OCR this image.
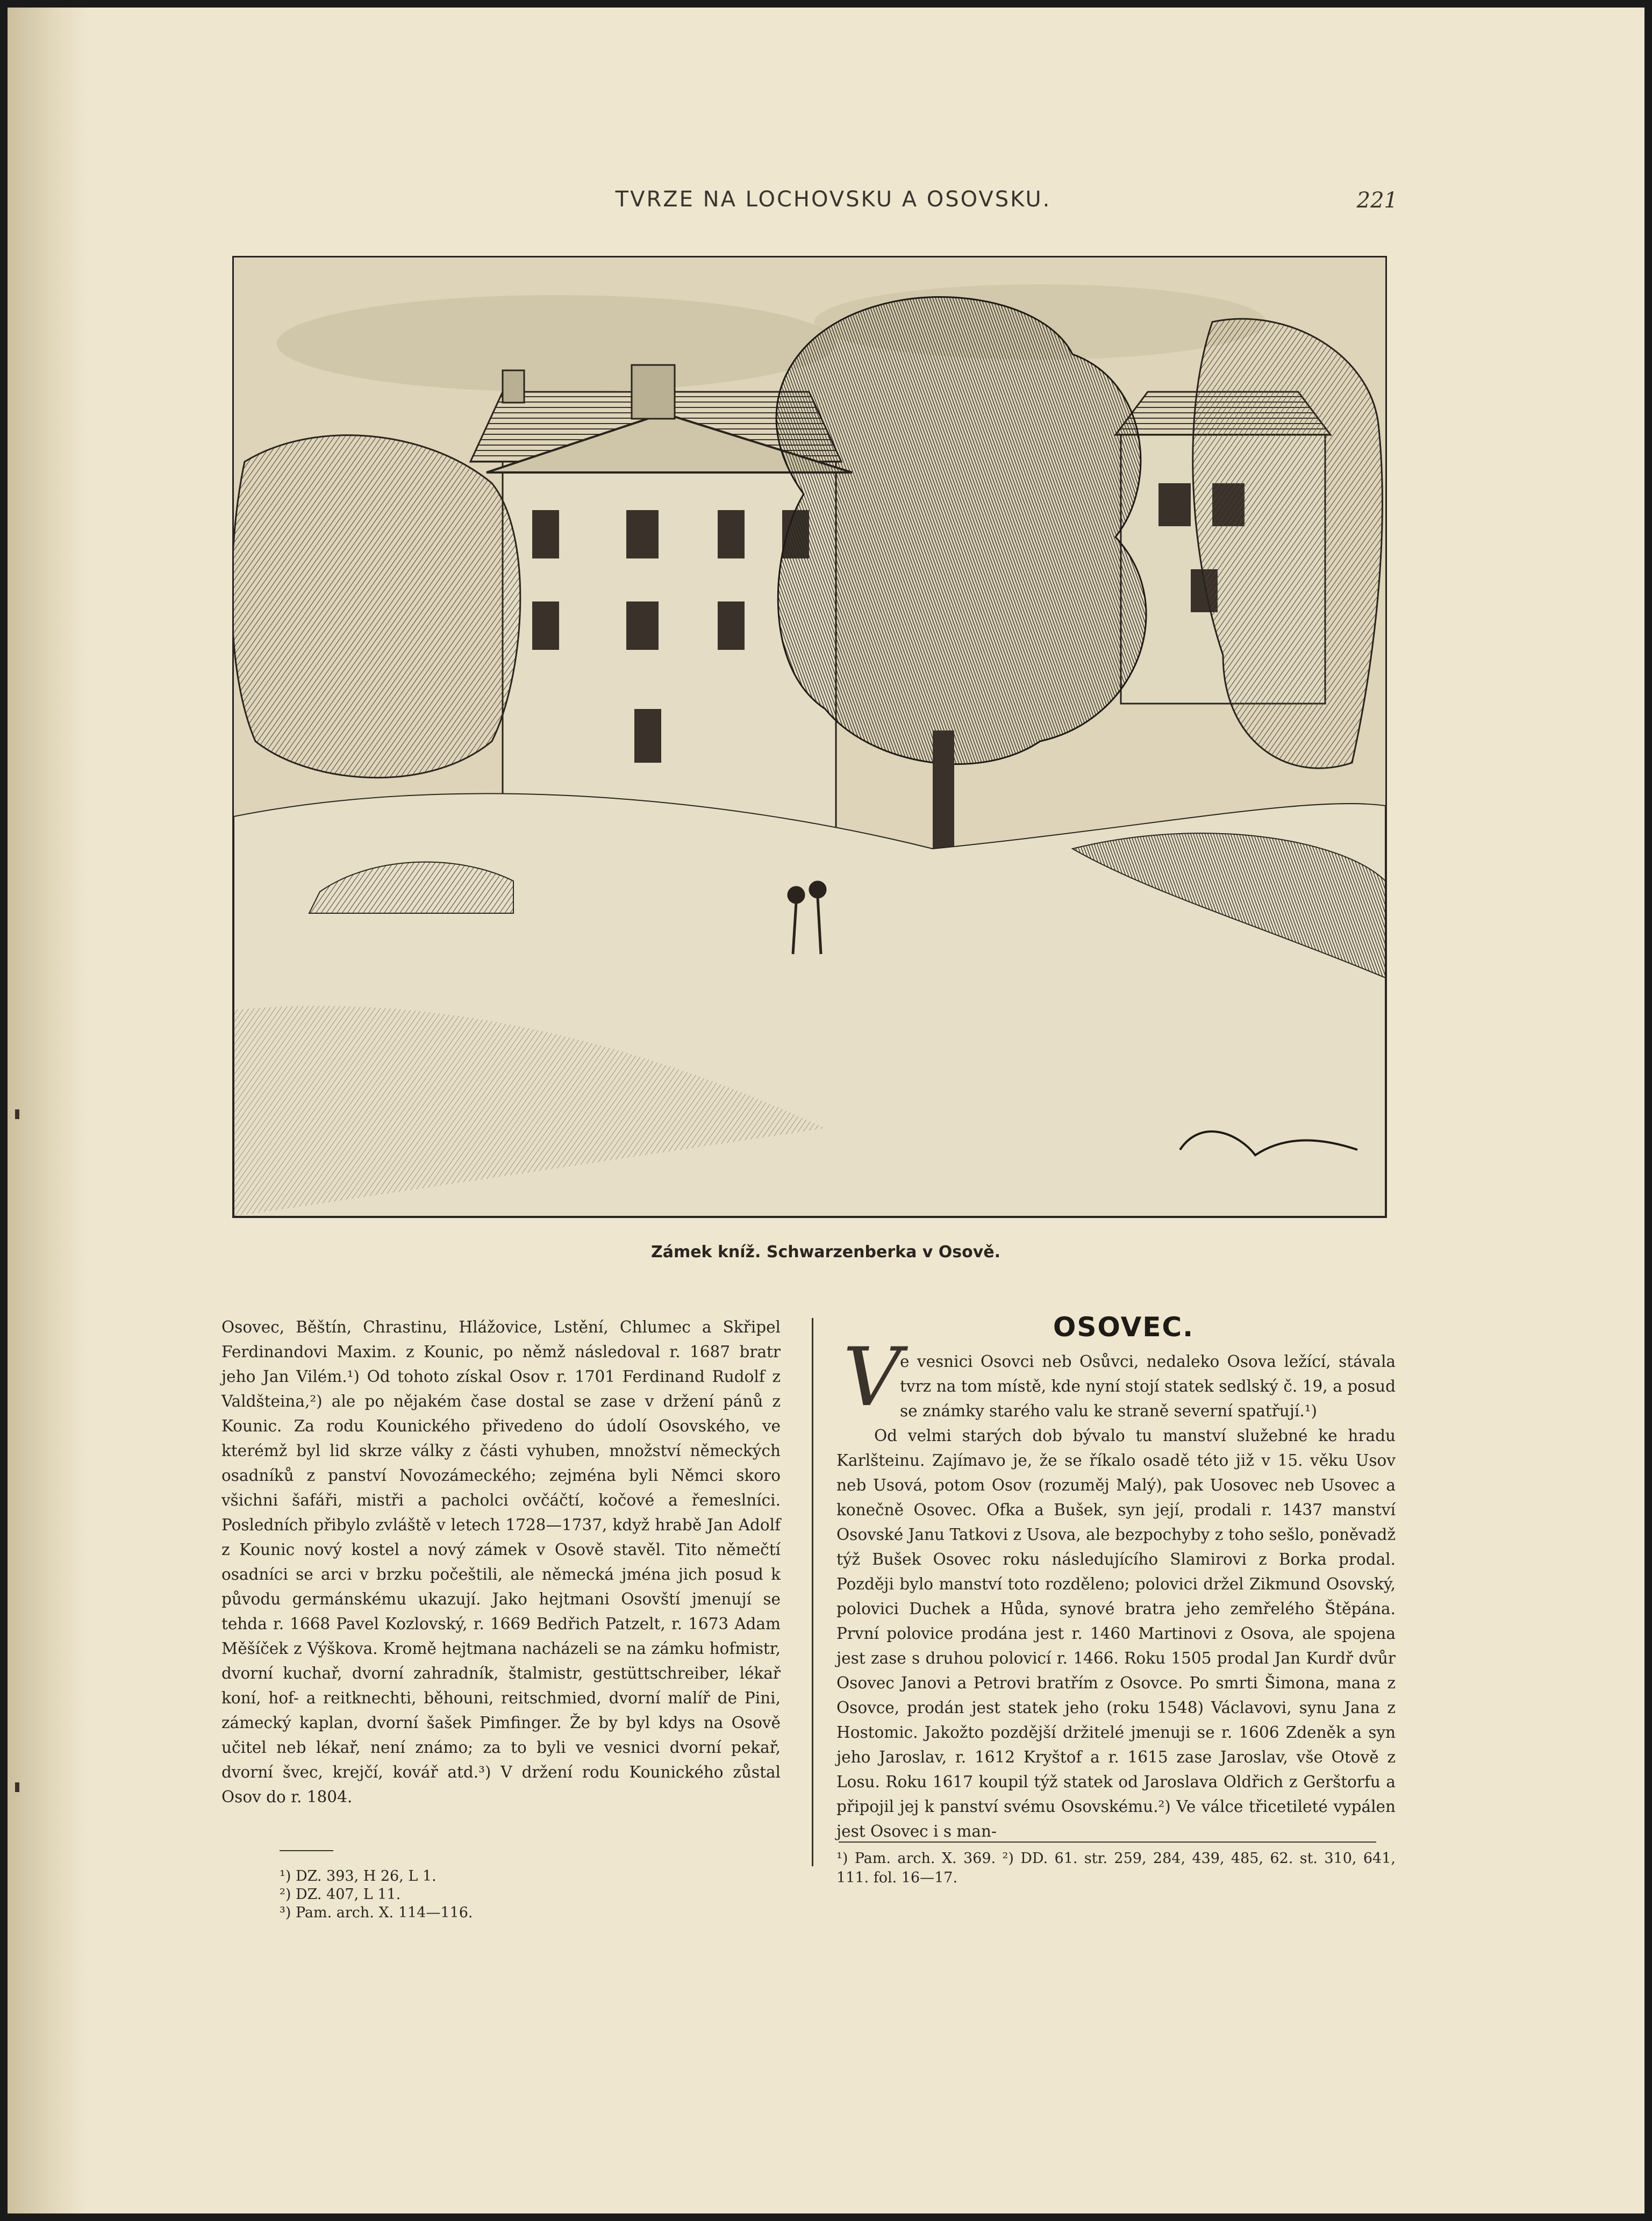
TVRZE NA LOCHOVSKU A OSOVSKU.	221
Zámek kníž. Schwarzenberka v Osově.

Osovec, Běštín, Chrastinu, Hlážovice, Lstění, Chlumec a Skřipel Ferdinandovi Maxim. z Kounic, po němž následoval r. 1687 bratr jeho Jan Vilém.¹) Od tohoto získal Osov r. 1701 Ferdinand Rudolf z Valdšteina,²) ale po nějakém čase dostal se zase v držení pánů z Kounic. Za rodu Kounického přivedeno do údolí Osovského, ve kterémž byl lid skrze války z části vyhuben, množství německých osadníků z panství Novozámeckého; zejména byli Němci skoro všichni šafáři, mistři a pacholci ovčáčtí, kočové a řemeslníci. Posledních přibylo zvláště v letech 1728—1737, když hrabě Jan Adolf z Kounic nový kostel a nový zámek v Osově stavěl. Tito němečtí osadníci se arci v brzku počeštili, ale německá jména jich posud k původu germánskému ukazují. Jako hejtmani Osovští jmenují se tehda r. 1668 Pavel Kozlovský, r. 1669 Bedřich Patzelt, r. 1673 Adam Měšíček z Výškova. Kromě hejtmana nacházeli se na zámku hofmistr, dvorní kuchař, dvorní zahradník, štalmistr, gestüttschreiber, lékař koní, hof- a reitknechti, běhouni, reitschmied, dvorní malíř de Pini, zámecký kaplan, dvorní šašek Pimfinger. Že by byl kdys na Osově učitel neb lékař, není známo; za to byli ve vesnici dvorní pekař, dvorní švec, krejčí, kovář atd.³) V držení rodu Kounického zůstal Osov do r. 1804.

¹) DZ. 393, H 26, L 1.
²) DZ. 407, L 11.
³) Pam. arch. X. 114—116.
OSOVEC.
V

e vesnici Osovci neb Osůvci, nedaleko Osova ležící, stávala tvrz na tom místě, kde nyní stojí statek sedlský č. 19, a posud se známky starého valu ke straně severní spatřují.¹)

Od velmi starých dob bývalo tu manství služebné ke hradu Karlšteinu. Zajímavo je, že se říkalo osadě této již v 15. věku Usov neb Usová, potom Osov (rozuměj Malý), pak Uosovec neb Usovec a konečně Osovec. Ofka a Bušek, syn její, prodali r. 1437 manství Osovské Janu Tatkovi z Usova, ale bezpochyby z toho sešlo, poněvadž týž Bušek Osovec roku následujícího Slamirovi z Borka prodal. Později bylo manství toto rozděleno; polovici držel Zikmund Osovský, polovici Duchek a Hůda, synové bratra jeho zemřelého Štěpána. První polovice prodána jest r. 1460 Martinovi z Osova, ale spojena jest zase s druhou polovicí r. 1466. Roku 1505 prodal Jan Kurdř dvůr Osovec Janovi a Petrovi bratřím z Osovce. Po smrti Šimona, mana z Osovce, prodán jest statek jeho (roku 1548) Václavovi, synu Jana z Hostomic. Jakožto pozdější držitelé jmenuji se r. 1606 Zdeněk a syn jeho Jaroslav, r. 1612 Kryštof a r. 1615 zase Jaroslav, vše Otově z Losu. Roku 1617 koupil týž statek od Jaroslava Oldřich z Gerštorfu a připojil jej k panství svému Osovskému.²) Ve válce třicetileté vypálen jest Osovec i s man-

¹) Pam. arch. X. 369. ²) DD. 61. str. 259, 284, 439, 485, 62. st. 310, 641, 111. fol. 16—17.
